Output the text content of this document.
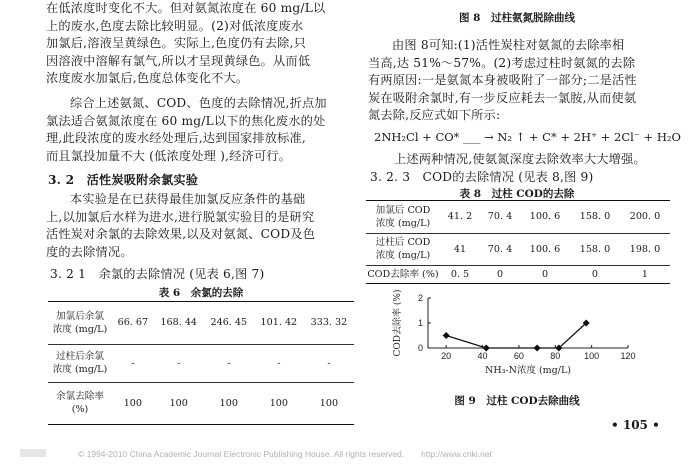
在低浓度时变化不大。但对氨氮浓度在 60 mg/L以

上的废水,色度去除比较明显。(2)对低浓度废水

加氯后,溶液呈黄绿色。实际上,色度仍有去除,只

因溶液中溶解有氯气,所以才呈现黄绿色。从而低

浓度废水加氯后,色度总体变化不大。

综合上述氨氮、COD、色度的去除情况,折点加

氯法适合氨氮浓度在 60 mg/L以下的焦化废水的处

理,此段浓度的废水经处理后,达到国家排放标准,

而且氯投加量不大 (低浓度处理 ),经济可行。

3. 2　活性炭吸附余氯实验

本实验是在已获得最佳加氯反应条件的基础

上,以加氯后水样为进水,进行脱氯实验目的是研究

活性炭对余氯的去除效果,以及对氨氮、COD及色

度的去除情况。

3. 2 1　余氯的去除情况 (见表 6,图 7)

表 6　余氯的去除

加氯后余氯
浓度 (mg/L)	66. 67	168. 44	246. 45	101. 42	333. 32
过柱后余氯
浓度 (mg/L)	-	-	-	-	-
余氯去除率
(%)	100	100	100	100	100

图 8　过柱氨氮脱除曲线

由图 8可知:(1)活性炭柱对氨氮的去除率相

当高,达 51%～57%。(2)考虑过柱时氨氮的去除

有两原因:一是氨氮本身被吸附了一部分;二是活性

炭在吸附余氯时,有一步反应耗去一氯胺,从而使氨

氮去除,反应式如下所示:

2NH₂Cl + CO* ___ → N₂ ↑ + C* + 2H⁺ + 2Cl⁻ + H₂O

上述两种情况,使氨氮深度去除效率大大增强。

3. 2. 3　COD的去除情况 (见表 8,图 9)

表 8　过柱 COD的去除

加氯后 COD
浓度 (mg/L)	41. 2	70. 4	100. 6	158. 0	200. 0
过柱后 COD
浓度 (mg/L)	41	70. 4	100. 6	158. 0	198. 0
COD去除率 (%)	0. 5	0	0	0	1
20	40	60	80	100 120
0
1
2
NH₃-N浓度 (mg/L)
COD去除率 (%)

图 9　过柱 COD去除曲线

• 105 •
© 1994-2010 China Academic Journal Electronic Publishing House. All rights reserved.　　http://www.cnki.net
